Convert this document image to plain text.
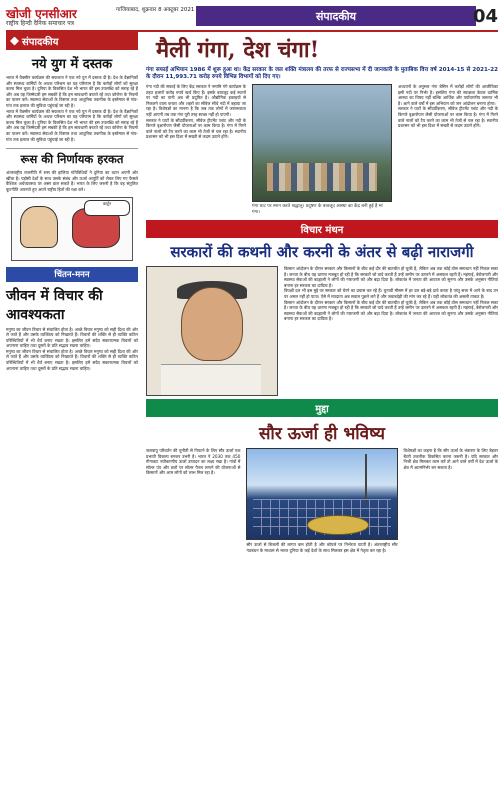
खोजी एनसीआर
राष्ट्रीय हिन्दी दैनिक समाचार पत्र
गाजियाबाद, शुक्रवार 8 अक्टूबर 2021	संपादकीय	04
संपादकीय
नये युग में दस्तक
भारत में वैक्सीन कार्यक्रम की सफलता ने एक नये युग में दस्तक दी है। देश के वैज्ञानिकों और स्वास्थ्य कर्मियों के अथक परिश्रम का यह परिणाम है कि करोड़ों लोगों को सुरक्षा कवच मिल चुका है। दुनिया के विकसित देश भी भारत की इस उपलब्धि को सराह रहे हैं और अब यह जिम्मेदारी हम सबकी है कि हम सावधानी बरतते रहें तथा कोरोना के नियमों का पालन करें। स्वास्थ्य सेवाओं के विस्तार तथा आधुनिक तकनीक के इस्तेमाल से गांव-गांव तक इलाज की सुविधा पहुंचाई जा रही है।
भारत में वैक्सीन कार्यक्रम की सफलता ने एक नये युग में दस्तक दी है। देश के वैज्ञानिकों और स्वास्थ्य कर्मियों के अथक परिश्रम का यह परिणाम है कि करोड़ों लोगों को सुरक्षा कवच मिल चुका है। दुनिया के विकसित देश भी भारत की इस उपलब्धि को सराह रहे हैं और अब यह जिम्मेदारी हम सबकी है कि हम सावधानी बरतते रहें तथा कोरोना के नियमों का पालन करें। स्वास्थ्य सेवाओं के विस्तार तथा आधुनिक तकनीक के इस्तेमाल से गांव-गांव तक इलाज की सुविधा पहुंचाई जा रही है।
रूस की निर्णायक हरकत
अंतरराष्ट्रीय राजनीति में रूस की हालिया गतिविधियों ने दुनिया का ध्यान अपनी ओर खींचा है। पड़ोसी देशों के साथ उसके संबंध और ऊर्जा आपूर्ति को लेकर लिए गए फैसले वैश्विक अर्थव्यवस्था पर असर डाल सकते हैं। भारत के लिए जरूरी है कि वह संतुलित कूटनीति अपनाते हुए अपने राष्ट्रीय हितों की रक्षा करे।
कार्टून
चिंतन-मनन
जीवन में विचार की आवश्यकता
मनुष्य का जीवन विचार से संचालित होता है। अच्छे विचार मनुष्य को सही दिशा की ओर ले जाते हैं और उसके व्यक्तित्व को निखारते हैं। विचारों की शक्ति से ही व्यक्ति कठिन परिस्थितियों में भी धैर्य बनाए रखता है। इसलिए हमें सदैव सकारात्मक विचारों को अपनाना चाहिए तथा दूसरों के प्रति सद्भाव रखना चाहिए।
मनुष्य का जीवन विचार से संचालित होता है। अच्छे विचार मनुष्य को सही दिशा की ओर ले जाते हैं और उसके व्यक्तित्व को निखारते हैं। विचारों की शक्ति से ही व्यक्ति कठिन परिस्थितियों में भी धैर्य बनाए रखता है। इसलिए हमें सदैव सकारात्मक विचारों को अपनाना चाहिए तथा दूसरों के प्रति सद्भाव रखना चाहिए।
मैली गंगा, देश चंगा!
गंगा सफाई अभियान 1986 में शुरू हुआ था। केंद्र सरकार के जल शक्ति मंत्रालय की तरफ से राज्यसभा में दी जानकारी के मुताबिक वित्त वर्ष 2014-15 से 2021-22 के दौरान 11,993.71 करोड़ रुपये विभिन्न विभागों को दिए गए।
गंगा नदी की सफाई के लिए केंद्र सरकार ने नमामि गंगे कार्यक्रम के तहत हजारों करोड़ रुपये खर्च किए हैं। इसके बावजूद कई स्थानों पर नदी का पानी अब भी प्रदूषित है। औद्योगिक इकाइयों से निकलने वाला कचरा और शहरों का सीवेज सीधे नदी में बहाया जा रहा है। विशेषज्ञों का मानना है कि जब तक लोगों में जागरूकता नहीं आएगी तब तक गंगा पूरी तरह स्वच्छ नहीं हो पाएगी।
सरकार ने घाटों के सौंदर्यीकरण, सीवेज ट्रीटमेंट प्लांट और नदी के किनारे वृक्षारोपण जैसी योजनाओं पर काम किया है। गंगा में गिरने वाले नालों को टैप करने का काम भी तेजी से चल रहा है। स्थानीय प्रशासन को भी इस दिशा में सख्ती से कदम उठाने होंगे।
गंगा घाट पर स्नान करते श्रद्धालु। प्रदूषण के बावजूद आस्था का केंद्र बनी हुई है मां गंगा।
अध्ययनों के अनुसार गंगा बेसिन में करोड़ों लोगों की आजीविका इसी नदी पर निर्भर है। इसलिए गंगा की स्वच्छता केवल धार्मिक आस्था का विषय नहीं बल्कि आर्थिक और पर्यावरणीय जरूरत भी है। आने वाले वर्षों में इस अभियान को जन आंदोलन बनाना होगा।
सरकार ने घाटों के सौंदर्यीकरण, सीवेज ट्रीटमेंट प्लांट और नदी के किनारे वृक्षारोपण जैसी योजनाओं पर काम किया है। गंगा में गिरने वाले नालों को टैप करने का काम भी तेजी से चल रहा है। स्थानीय प्रशासन को भी इस दिशा में सख्ती से कदम उठाने होंगे।
विचार मंथन
सरकारों की कथनी और करनी के अंतर से बढ़ी नाराजगी
किसान आंदोलन के दौरान सरकार और किसानों के बीच कई दौर की बातचीत हो चुकी है, लेकिन अब तक कोई ठोस समाधान नहीं निकल सका है। जनता के बीच यह धारणा मजबूत हो रही है कि सरकारें जो वादे करती हैं उन्हें जमीन पर उतारने में असफल रहती हैं। महंगाई, बेरोजगारी और स्वास्थ्य सेवाओं की बदहाली ने लोगों की नाराजगी को और बढ़ा दिया है। लोकतंत्र में जनता की आवाज को सुनना और उसके अनुसार नीतियां बनाना हर सरकार का दायित्व है।
विपक्षी दल भी इस मुद्दे पर सरकार को घेरने का प्रयास कर रहे हैं। चुनावी मौसम में हर दल बड़े-बड़े दावे करता है परंतु सत्ता में आने के बाद उन पर अमल नहीं हो पाता। ऐसे में मतदाता अब सवाल पूछने लगे हैं और जवाबदेही की मांग कर रहे हैं। यही लोकतंत्र की असली ताकत है।
किसान आंदोलन के दौरान सरकार और किसानों के बीच कई दौर की बातचीत हो चुकी है, लेकिन अब तक कोई ठोस समाधान नहीं निकल सका है। जनता के बीच यह धारणा मजबूत हो रही है कि सरकारें जो वादे करती हैं उन्हें जमीन पर उतारने में असफल रहती हैं। महंगाई, बेरोजगारी और स्वास्थ्य सेवाओं की बदहाली ने लोगों की नाराजगी को और बढ़ा दिया है। लोकतंत्र में जनता की आवाज को सुनना और उसके अनुसार नीतियां बनाना हर सरकार का दायित्व है।
मुद्दा
सौर ऊर्जा ही भविष्य
जलवायु परिवर्तन की चुनौती से निपटने के लिए सौर ऊर्जा एक प्रभावी विकल्प बनकर उभरी है। भारत ने 2030 तक 450 गीगावाट नवीकरणीय ऊर्जा उत्पादन का लक्ष्य रखा है। गांवों में सोलर पंप और छतों पर सोलर पैनल लगाने की योजनाओं से किसानों और आम लोगों को लाभ मिल रहा है।
सौर ऊर्जा से बिजली की लागत कम होती है और कोयले पर निर्भरता घटती है। अंतरराष्ट्रीय सौर गठबंधन के माध्यम से भारत दुनिया के कई देशों के साथ मिलकर इस क्षेत्र में नेतृत्व कर रहा है।
विशेषज्ञों का कहना है कि सौर ऊर्जा के भंडारण के लिए बेहतर बैटरी तकनीक विकसित करना जरूरी है। यदि सरकार और निजी क्षेत्र मिलकर काम करें तो आने वाले वर्षों में देश ऊर्जा के क्षेत्र में आत्मनिर्भर बन सकता है।
